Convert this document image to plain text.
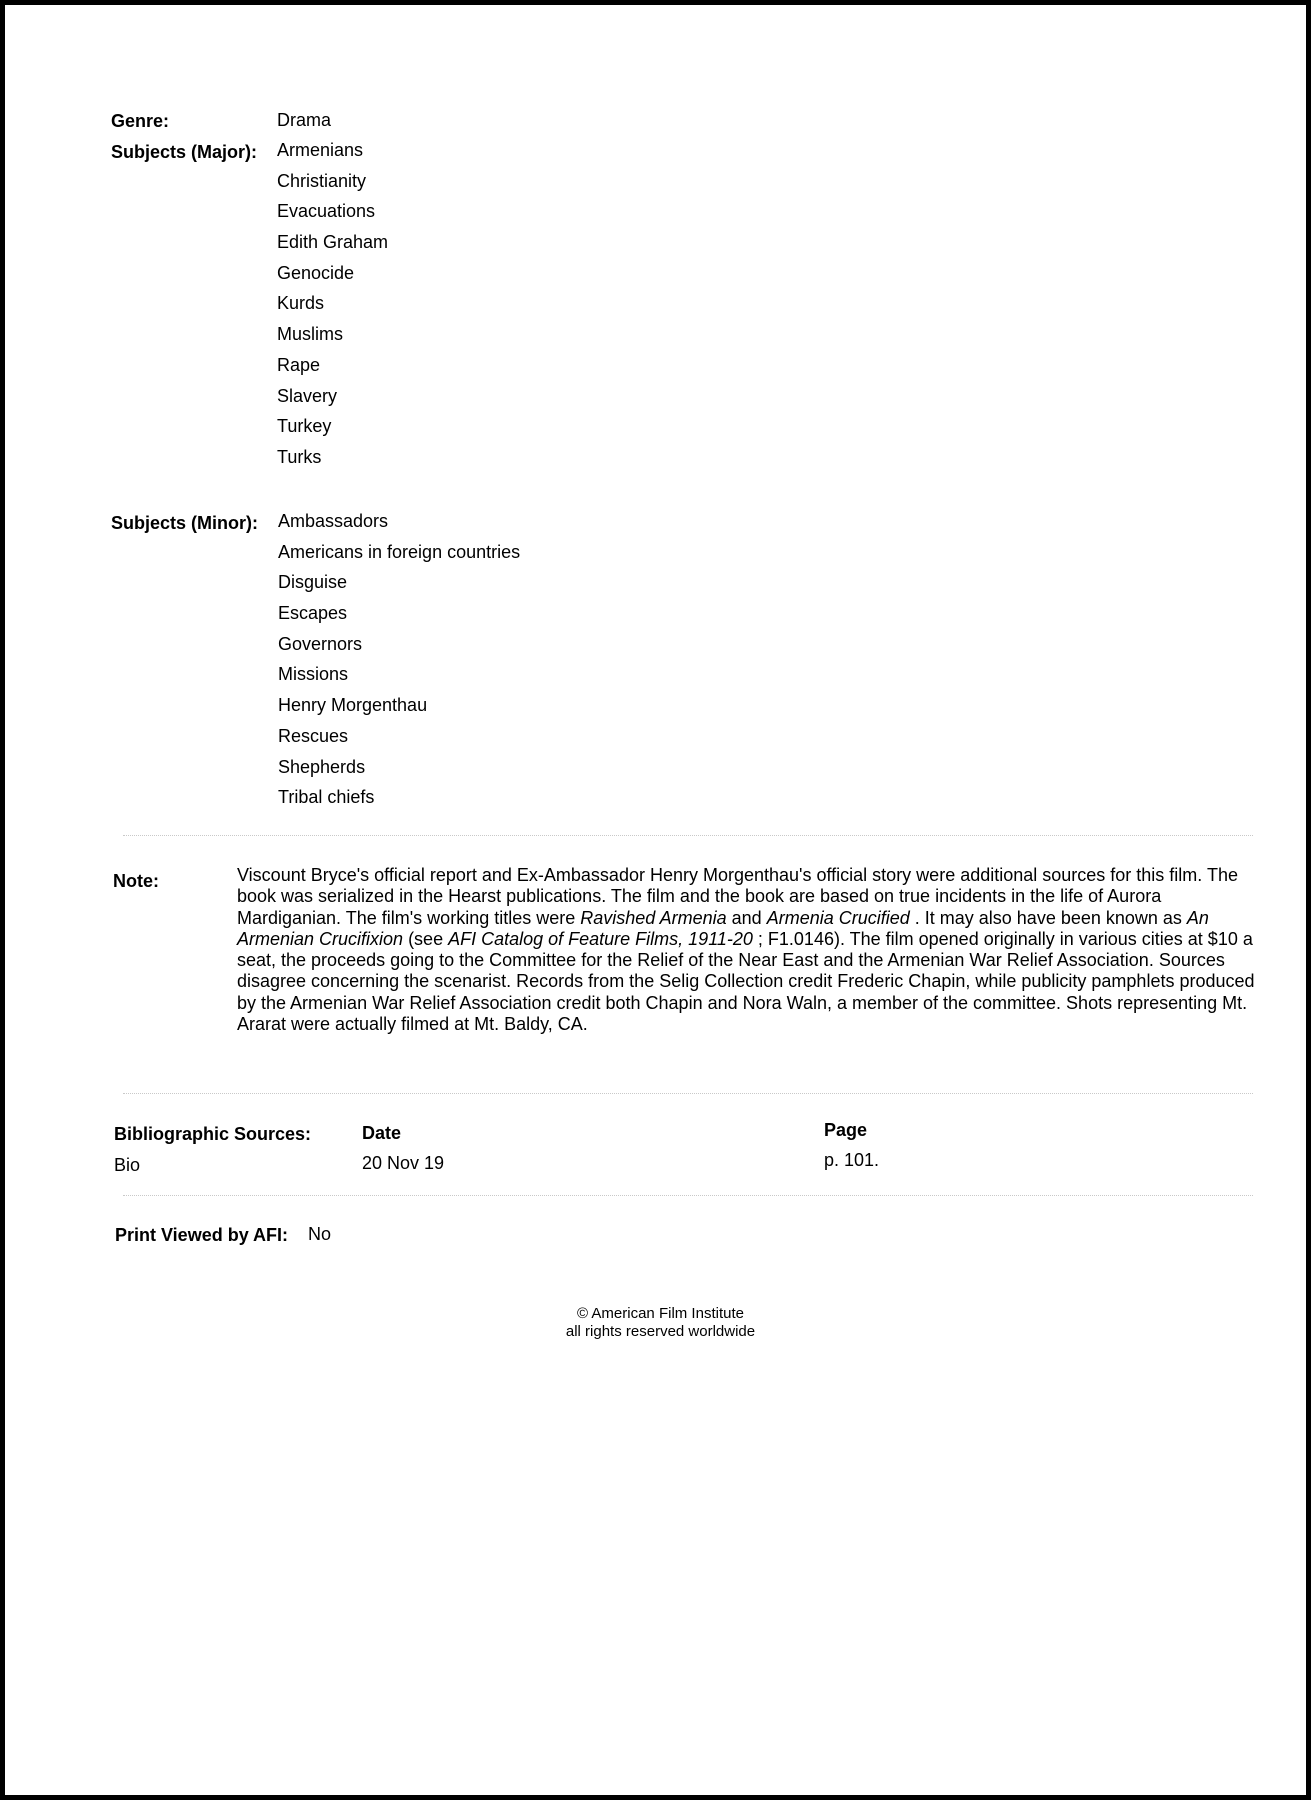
Genre:	Drama
Subjects (Major): Armenians
Christianity
Evacuations
Edith Graham
Genocide
Kurds
Muslims
Rape
Slavery
Turkey
Turks
Subjects (Minor): Ambassadors
Americans in foreign countries
Disguise
Escapes
Governors
Missions
Henry Morgenthau
Rescues
Shepherds
Tribal chiefs
Note:	Viscount Bryce's official report and Ex-Ambassador Henry Morgenthau's official story were additional sources for this film. The book was serialized in the Hearst publications. The film and the book are based on true incidents in the life of Aurora Mardiganian. The film's working titles were Ravished Armenia and Armenia Crucified . It may also have been known as An Armenian Crucifixion (see AFI Catalog of Feature Films, 1911-20 ; F1.0146). The film opened originally in various cities at $10 a seat, the proceeds going to the Committee for the Relief of the Near East and the Armenian War Relief Association. Sources disagree concerning the scenarist. Records from the Selig Collection credit Frederic Chapin, while publicity pamphlets produced by the Armenian War Relief Association credit both Chapin and Nora Waln, a member of the committee. Shots representing Mt. Ararat were actually filmed at Mt. Baldy, CA.
Bibliographic Sources:	Date	Page
Bio	20 Nov 19	p. 101.
Print Viewed by AFI: No
© American Film Institute
all rights reserved worldwide
